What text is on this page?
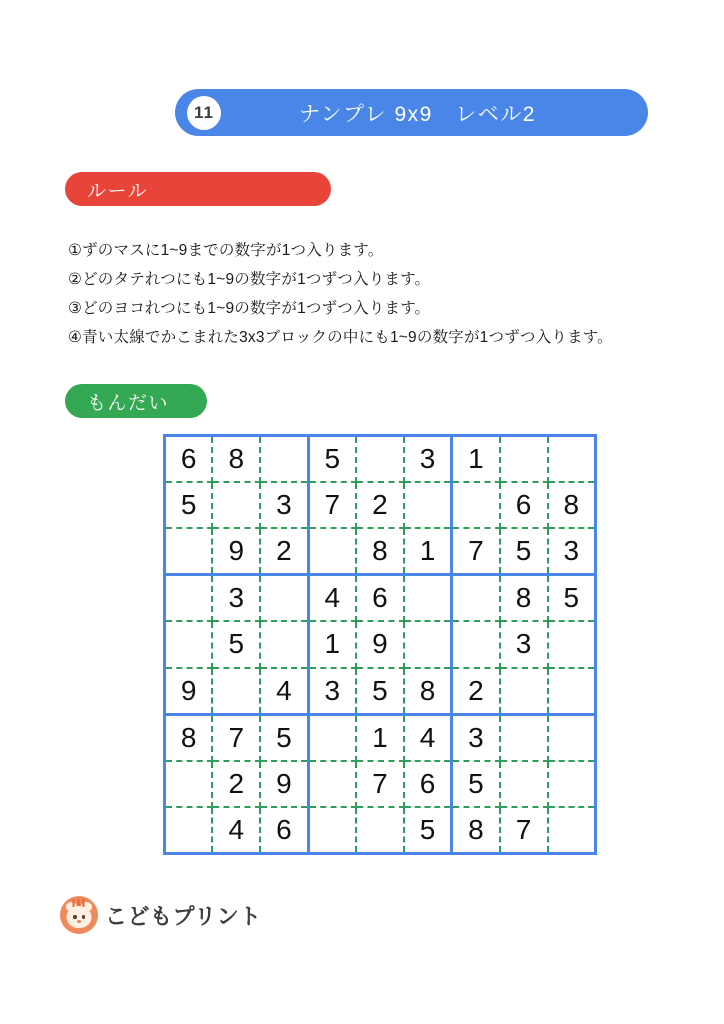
11	ナンプレ 9x9　レベル2
ルール
①ずのマスに1~9までの数字が1つ入ります。
②どのタテれつにも1~9の数字が1つずつ入ります。
③どのヨコれつにも1~9の数字が1つずつ入ります。
④青い太線でかこまれた3x3ブロックの中にも1~9の数字が1つずつ入ります。
もんだい
6	8		5		3	1		
5		3	7	2			6	8
	9	2		8	1	7	5	3
	3		4	6			8	5
	5		1	9			3	
9		4	3	5	8	2		
8	7	5		1	4	3		
	2	9		7	6	5		
	4	6			5	8	7	
こどもプリント
